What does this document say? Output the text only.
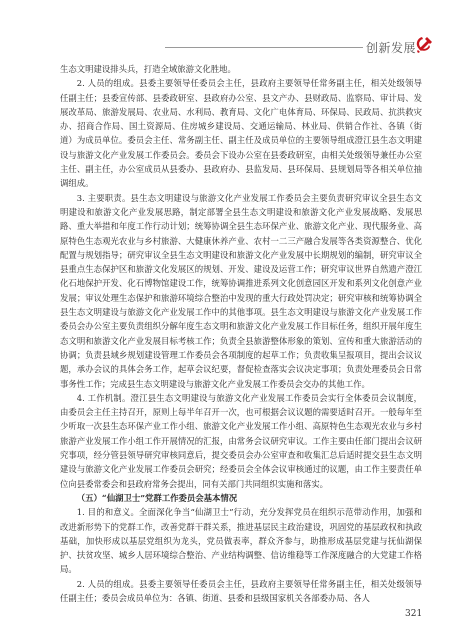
创新发展

生态文明建设排头兵，打造全域旅游文化胜地。

2. 人员的组成。县委主要领导任委员会主任，县政府主要领导任常务副主任，相关处级领导任副主任；县委宣传部、县委政研室、县政府办公室、县文产办、县财政局、监察局、审计局、发展改革局、旅游发展局、农业局、水利局、教育局、文化广电体育局、环保局、民政局、抗洪救灾办、招商合作局、国土资源局、住房城乡建设局、交通运输局、林业局、供销合作社、各镇（街道）为成员单位。委员会主任、常务副主任、副主任及成员单位的主要领导组成澄江县生态文明建设与旅游文化产业发展工作委员会。委员会下设办公室在县委政研室，由相关处级领导兼任办公室主任、副主任，办公室成员从县委办、县政府办、县监发局、县环保局、县规划局等各相关单位抽调组成。

3. 主要职责。县生态文明建设与旅游文化产业发展工作委员会主要负责研究审议全县生态文明建设和旅游文化产业发展思路，制定部署全县生态文明建设和旅游文化产业发展战略、发展思路、重大举措和年度工作行动计划；统筹协调全县生态环保产业、旅游文化产业、现代服务业、高原特色生态观光农业与乡村旅游、大健康休养产业、农村一二三产融合发展等各类资源整合、优化配置与规划指导；研究审议全县生态文明建设和旅游文化产业发展中长期规划的编制，研究审议全县重点生态保护区和旅游文化发展区的规划、开发、建设及运营工作；研究审议世界自然遗产澄江化石地保护开发、化石博物馆建设工作，统筹协调推进系列文化创意园区开发和系列文化创意产业发展；审议处理生态保护和旅游环境综合整治中发现的重大行政处罚决定；研究审核和统筹协调全县生态文明建设与旅游文化产业发展工作中的其他事项。县生态文明建设与旅游文化产业发展工作委员会办公室主要负责组织分解年度生态文明和旅游文化产业发展工作目标任务，组织开展年度生态文明和旅游文化产业发展目标考核工作；负责全县旅游整体形象的策划、宣传和重大旅游活动的协调；负责县域乡规划建设管理工作委员会各项制度的起草工作；负责收集呈报项目，提出会议议题，承办会议的具体会务工作，起草会议纪要，督促检查落实会议决定事项；负责处理委员会日常事务性工作；完成县生态文明建设与旅游文化产业发展工作委员会交办的其他工作。

4. 工作机制。澄江县生态文明建设与旅游文化产业发展工作委员会实行全体委员会议制度，由委员会主任主持召开，原则上每半年召开一次，也可根据会议议题的需要适时召开。一般每年至少听取一次县生态环保产业工作小组、旅游文化产业发展工作小组、高原特色生态观光农业与乡村旅游产业发展工作小组工作开展情况的汇报，由常务会议研究审议。工作主要由任部门提出会议研究事项，经分管县领导研究审核同意后，提交委员会办公室审查和收集汇总后适时提交县生态文明建设与旅游文化产业发展工作委员会研究；经委员会全体会议审核通过的议题，由工作主要责任单位向县委常委会和县政府常务会提出，同有关部门共同组织实施和落实。

（五）“仙湖卫士”党群工作委员会基本情况

1. 目的和意义。全面深化争当“仙湖卫士”行动，充分发挥党员在组织示范带动作用，加强和改进新形势下的党群工作，改善党群干群关系，推进基层民主政治建设，巩固党的基层政权和执政基础，加快形成以基层党组织为龙头，党员做表率，群众齐参与，助推形成基层党建与抚仙湖保护、扶贫攻坚、城乡人居环境综合整治、产业结构调整、信访维稳等工作深度融合的大党建工作格局。

2. 人员的组成。县委主要领导任委员会主任，县政府主要领导任常务副主任，相关处级领导任副主任；委员会成员单位为：各镇、街道、县委和县级国家机关各部委办局、各人

321
